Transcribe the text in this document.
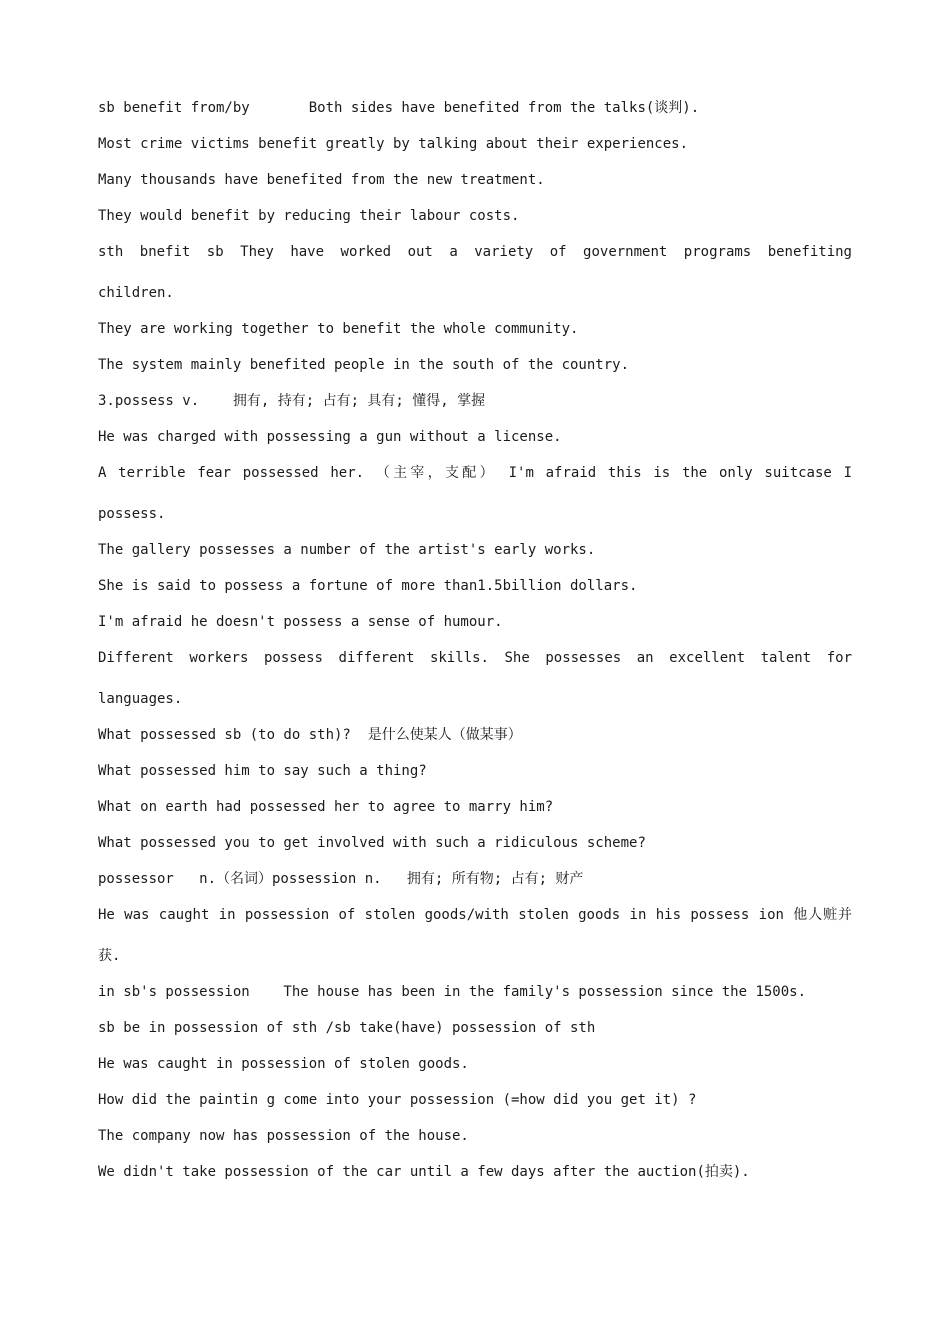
sb benefit from/by       Both sides have benefited from the talks(谈判).
Most crime victims benefit greatly by talking about their experiences.
Many thousands have benefited from the new treatment.
They would benefit by reducing their labour costs.
sth bnefit sb They have worked out a variety of government programs benefiting
children.
They are working together to benefit the whole community.
The system mainly benefited people in the south of the country.
3.possess v.    拥有, 持有; 占有; 具有; 懂得, 掌握
He was charged with possessing a gun without a license.
A terrible fear possessed her. （主宰，支配） I'm afraid this is the only suitcase I
possess.
The gallery possesses a number of the artist's early works.
She is said to possess a fortune of more than1.5billion dollars.
I'm afraid he doesn't possess a sense of humour.
Different workers possess different skills. She possesses an excellent talent for
languages.
What possessed sb (to do sth)?  是什么使某人（做某事）
What possessed him to say such a thing?
What on earth had possessed her to agree to marry him?
What possessed you to get involved with such a ridiculous scheme?
possessor   n.（名词）possession n.   拥有; 所有物; 占有; 财产
He was caught in possession of stolen goods/with stolen goods in his possess ion 他人赃并
获.
in sb's possession    The house has been in the family's possession since the 1500s.
sb be in possession of sth /sb take(have) possession of sth
He was caught in possession of stolen goods.
How did the paintin g come into your possession (=how did you get it) ?
The company now has possession of the house.
We didn't take possession of the car until a few days after the auction(拍卖).
